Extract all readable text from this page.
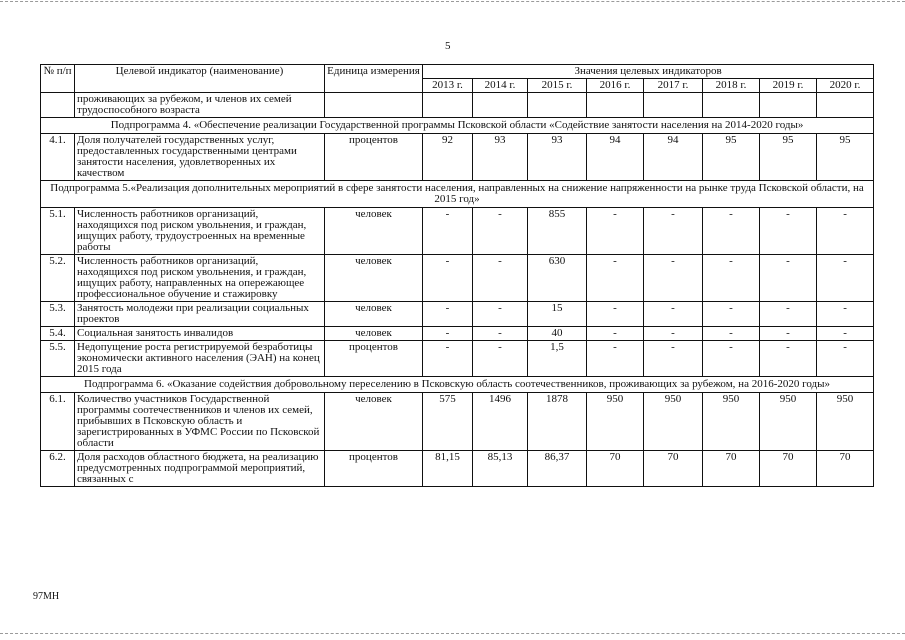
5
№ п/п	Целевой индикатор (наименование)	Единица измерения	Значения целевых индикаторов							
			2013 г.	2014 г.	2015 г.	2016 г.	2017 г.	2018 г.	2019 г.	2020 г.
	проживающих за рубежом, и членов их семей трудоспособного возраста									
Подпрограмма 4. «Обеспечение реализации Государственной программы Псковской области «Содействие занятости населения на 2014-2020 годы»										
4.1.	Доля получателей государственных услуг, предоставленных государственными центрами занятости населения, удовлетворенных их качеством	процентов	92	93	93	94	94	95	95	95
Подпрограмма 5.«Реализация дополнительных мероприятий в сфере занятости населения, направленных на снижение напряженности на рынке труда Псковской области, на 2015 год»										
5.1.	Численность работников организаций, находящихся под риском увольнения, и граждан, ищущих работу, трудоустроенных на временные работы	человек	-	-	855	-	-	-	-	-
5.2.	Численность работников организаций, находящихся под риском увольнения, и граждан, ищущих работу, направленных на опережающее профессиональное обучение и стажировку	человек	-	-	630	-	-	-	-	-
5.3.	Занятость молодежи при реализации социальных проектов	человек	-	-	15	-	-	-	-	-
5.4.	Социальная занятость инвалидов	человек	-	-	40	-	-	-	-	-
5.5.	Недопущение роста регистрируемой безработицы экономически активного населения (ЭАН) на конец 2015 года	процентов	-	-	1,5	-	-	-	-	-
Подпрограмма 6. «Оказание содействия добровольному переселению в Псковскую область соотечественников, проживающих за рубежом, на 2016-2020 годы»										
6.1.	Количество участников Государственной программы соотечественников и членов их семей, прибывших в Псковскую область и зарегистрированных в УФМС России по Псковской области	человек	575	1496	1878	950	950	950	950	950
6.2.	Доля расходов областного бюджета, на реализацию предусмотренных подпрограммой мероприятий, связанных с	процентов	81,15	85,13	86,37	70	70	70	70	70
97МН
